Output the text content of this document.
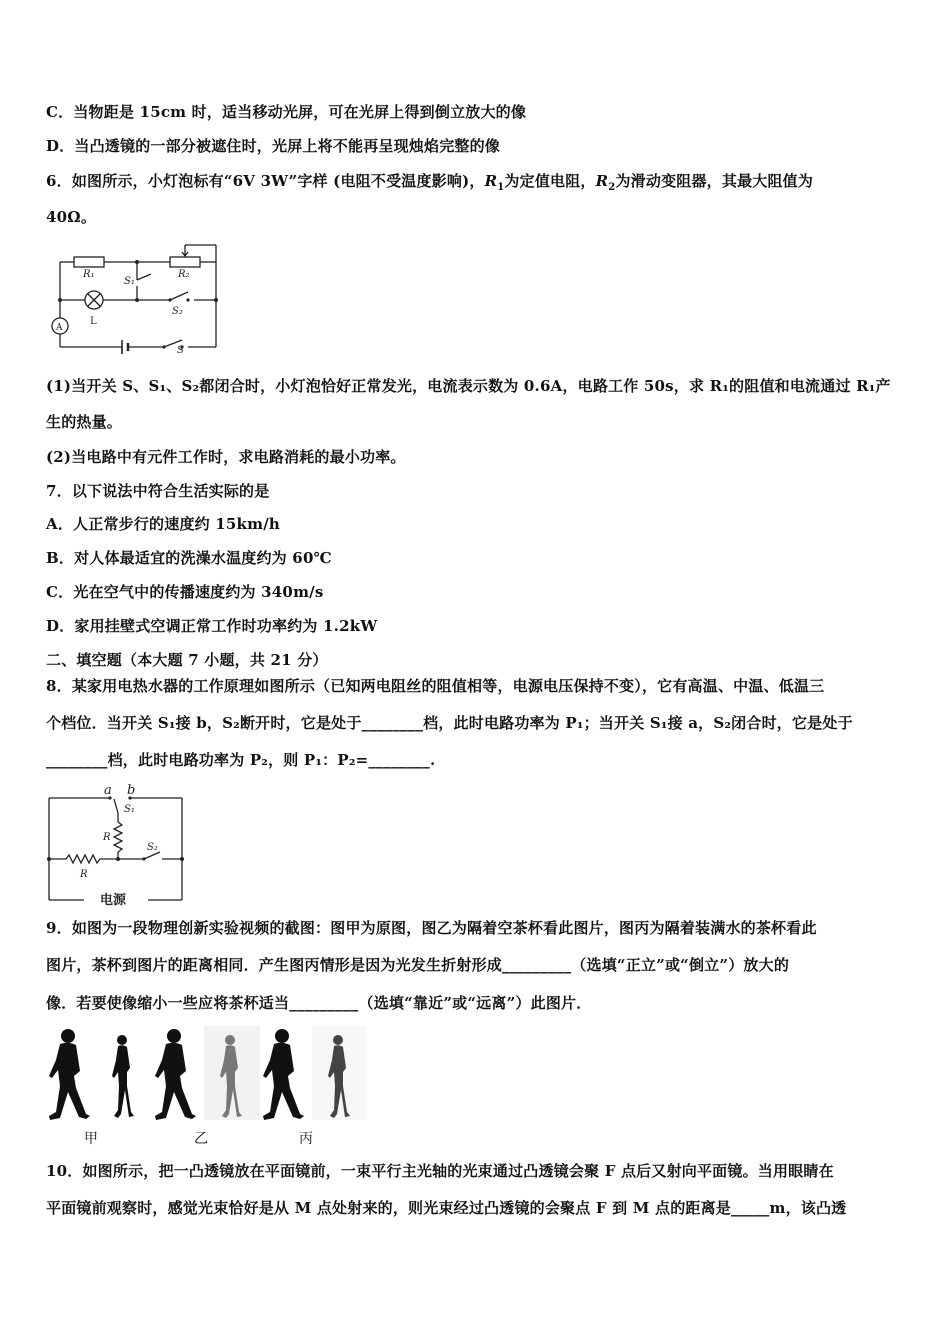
C．当物距是 15cm 时，适当移动光屏，可在光屏上得到倒立放大的像
D．当凸透镜的一部分被遮住时，光屏上将不能再呈现烛焰完整的像
6．如图所示，小灯泡标有“6V 3W”字样 (电阻不受温度影响)，$R_1$为定值电阻，$R_2$为滑动变阻器，其最大阻值为
40Ω。
R₁	R₂
S₁
S₂
S
L
A
(1)当开关 S、S₁、S₂都闭合时，小灯泡恰好正常发光，电流表示数为 0.6A，电路工作 50s，求 R₁的阻值和电流通过 R₁产
生的热量。
(2)当电路中有元件工作时，求电路消耗的最小功率。
7．以下说法中符合生活实际的是
A．人正常步行的速度约 15km/h
B．对人体最适宜的洗澡水温度约为 60℃
C．光在空气中的传播速度约为 340m/s
D．家用挂壁式空调正常工作时功率约为 1.2kW
二、填空题（本大题 7 小题，共 21 分）
8．某家用电热水器的工作原理如图所示（已知两电阻丝的阻值相等，电源电压保持不变），它有高温、中温、低温三
个档位．当开关 S₁接 b，S₂断开时，它是处于________档，此时电路功率为 P₁；当开关 S₁接 a，S₂闭合时，它是处于
________档，此时电路功率为 P₂，则 P₁：P₂=________.
a b
S₁
R
S₂
R
电源
9．如图为一段物理创新实验视频的截图：图甲为原图，图乙为隔着空茶杯看此图片，图丙为隔着装满水的茶杯看此
图片，茶杯到图片的距离相同．产生图丙情形是因为光发生折射形成_________（选填“正立”或“倒立”）放大的
像．若要使像缩小一些应将茶杯适当_________（选填“靠近”或“远离”）此图片．
甲	乙	丙
10．如图所示，把一凸透镜放在平面镜前，一束平行主光轴的光束通过凸透镜会聚 F 点后又射向平面镜。当用眼睛在
平面镜前观察时，感觉光束恰好是从 M 点处射来的，则光束经过凸透镜的会聚点 F 到 M 点的距离是_____m，该凸透
